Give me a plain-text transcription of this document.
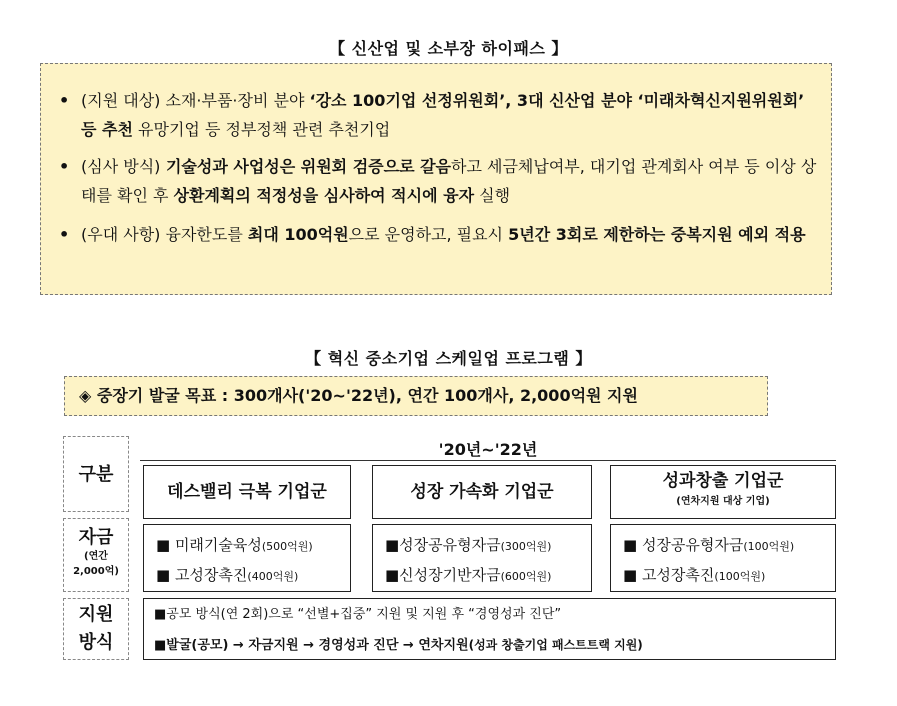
【 신산업 및 소부장 하이패스 】
• (지원 대상) 소재·부품·장비 분야 ‘강소 100기업 선정위원회’, 3대 신산업 분야 ‘미래차혁신지원위원회’ 등 추천 유망기업 등 정부정책 관련 추천기업
• (심사 방식) 기술성과 사업성은 위원회 검증으로 갈음하고 세금체납여부, 대기업 관계회사 여부 등 이상 상태를 확인 후 상환계획의 적정성을 심사하여 적시에 융자 실행
• (우대 사항) 융자한도를 최대 100억원으로 운영하고, 필요시 5년간 3회로 제한하는 중복지원 예외 적용
【 혁신 중소기업 스케일업 프로그램 】
◈ 중장기 발굴 목표 : 300개사('20~'22년), 연간 100개사, 2,000억원 지원
구분
자금
(연간
2,000억)
지원
방식
'20년~'22년
데스밸리 극복 기업군	성장 가속화 기업군
성과창출 기업군
(연차지원 대상 기업)
■ 미래기술육성(500억원)
■ 고성장촉진(400억원)
■성장공유형자금(300억원)
■신성장기반자금(600억원)
■ 성장공유형자금(100억원)
■ 고성장촉진(100억원)
■공모 방식(연 2회)으로 “선별+집중” 지원 및 지원 후 “경영성과 진단”
■발굴(공모) → 자금지원 → 경영성과 진단 → 연차지원(성과 창출기업 패스트트랙 지원)
